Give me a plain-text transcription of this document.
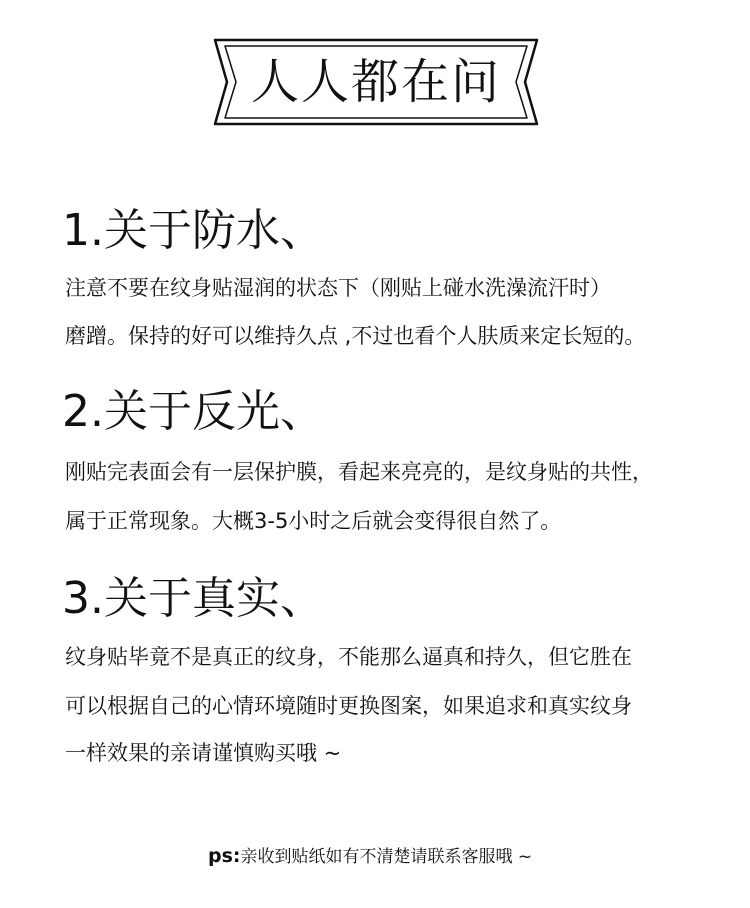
人人都在问
1.关于防水、
注意不要在纹身贴湿润的状态下（刚贴上碰水洗澡流汗时）
磨蹭。保持的好可以维持久点 ,不过也看个人肤质来定长短的。
2.关于反光、
刚贴完表面会有一层保护膜，看起来亮亮的，是纹身贴的共性，
属于正常现象。大概3-5小时之后就会变得很自然了。
3.关于真实、
纹身贴毕竟不是真正的纹身，不能那么逼真和持久，但它胜在
可以根据自己的心情环境随时更换图案，如果追求和真实纹身
一样效果的亲请谨慎购买哦 ~
ps:亲收到贴纸如有不清楚请联系客服哦 ~
